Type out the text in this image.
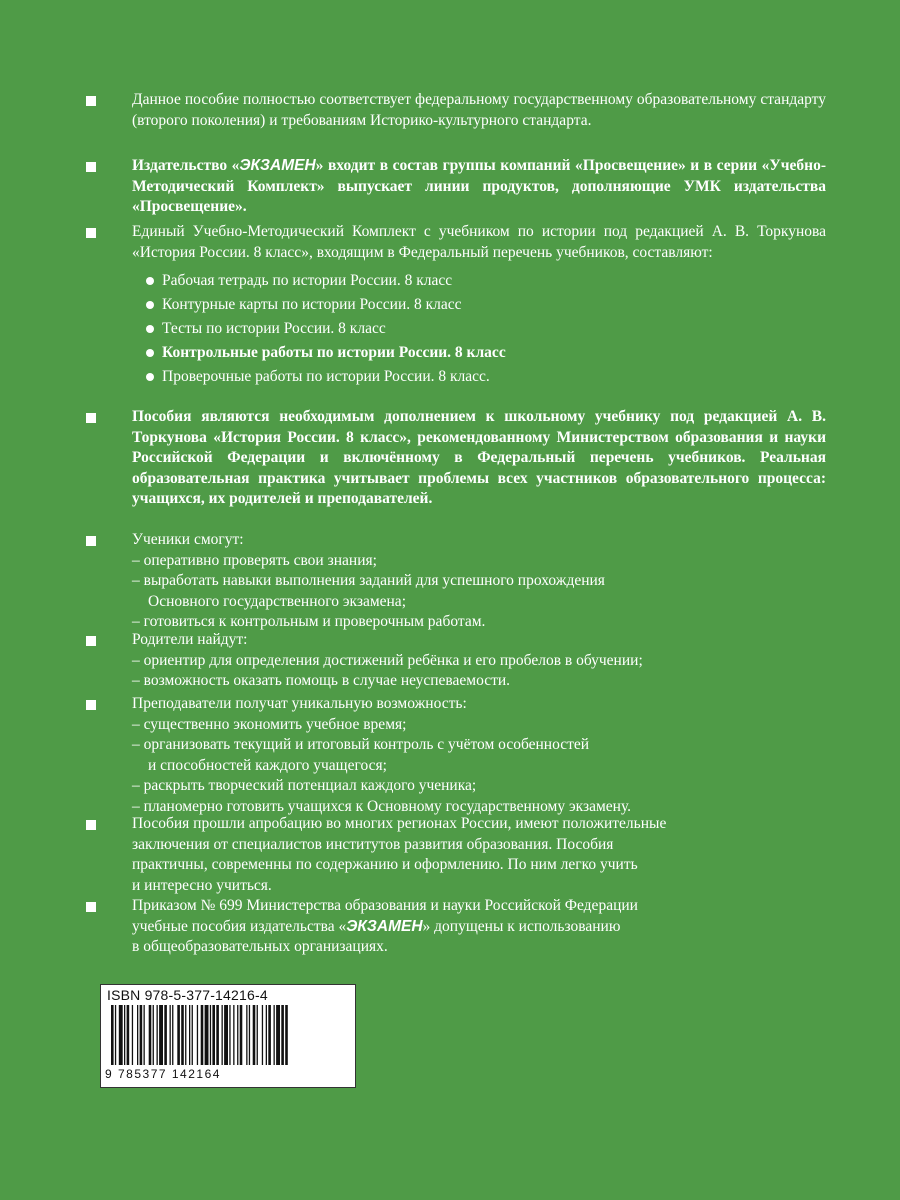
Данное пособие полностью соответствует федеральному государственному образовательному стандарту (второго поколения) и требованиям Историко-культурного стандарта.
Издательство «ЭКЗАМЕН» входит в состав группы компаний «Просвещение» и в серии «Учебно-Методический Комплект» выпускает линии продуктов, дополняющие УМК издательства «Просвещение».
Единый Учебно-Методический Комплект с учебником по истории под редакцией А. В. Торкунова «История России. 8 класс», входящим в Федеральный перечень учебников, составляют:
Рабочая тетрадь по истории России. 8 класс
Контурные карты по истории России. 8 класс
Тесты по истории России. 8 класс
Контрольные работы по истории России. 8 класс
Проверочные работы по истории России. 8 класс.
Пособия являются необходимым дополнением к школьному учебнику под редакцией А. В. Торкунова «История России. 8 класс», рекомендованному Министерством образования и науки Российской Федерации и включённому в Федеральный перечень учебников. Реальная образовательная практика учитывает проблемы всех участников образовательного процесса: учащихся, их родителей и преподавателей.
Ученики смогут:
– оперативно проверять свои знания;
– выработать навыки выполнения заданий для успешного прохождения
Основного государственного экзамена;
– готовиться к контрольным и проверочным работам.
Родители найдут:
– ориентир для определения достижений ребёнка и его пробелов в обучении;
– возможность оказать помощь в случае неуспеваемости.
Преподаватели получат уникальную возможность:
– существенно экономить учебное время;
– организовать текущий и итоговый контроль с учётом особенностей
и способностей каждого учащегося;
– раскрыть творческий потенциал каждого ученика;
– планомерно готовить учащихся к Основному государственному экзамену.
Пособия прошли апробацию во многих регионах России, имеют положительные
заключения от специалистов институтов развития образования. Пособия
практичны, современны по содержанию и оформлению. По ним легко учить
и интересно учиться.
Приказом № 699 Министерства образования и науки Российской Федерации
учебные пособия издательства «ЭКЗАМЕН» допущены к использованию
в общеобразовательных организациях.
ISBN 978-5-377-14216-4
9 785377 142164
